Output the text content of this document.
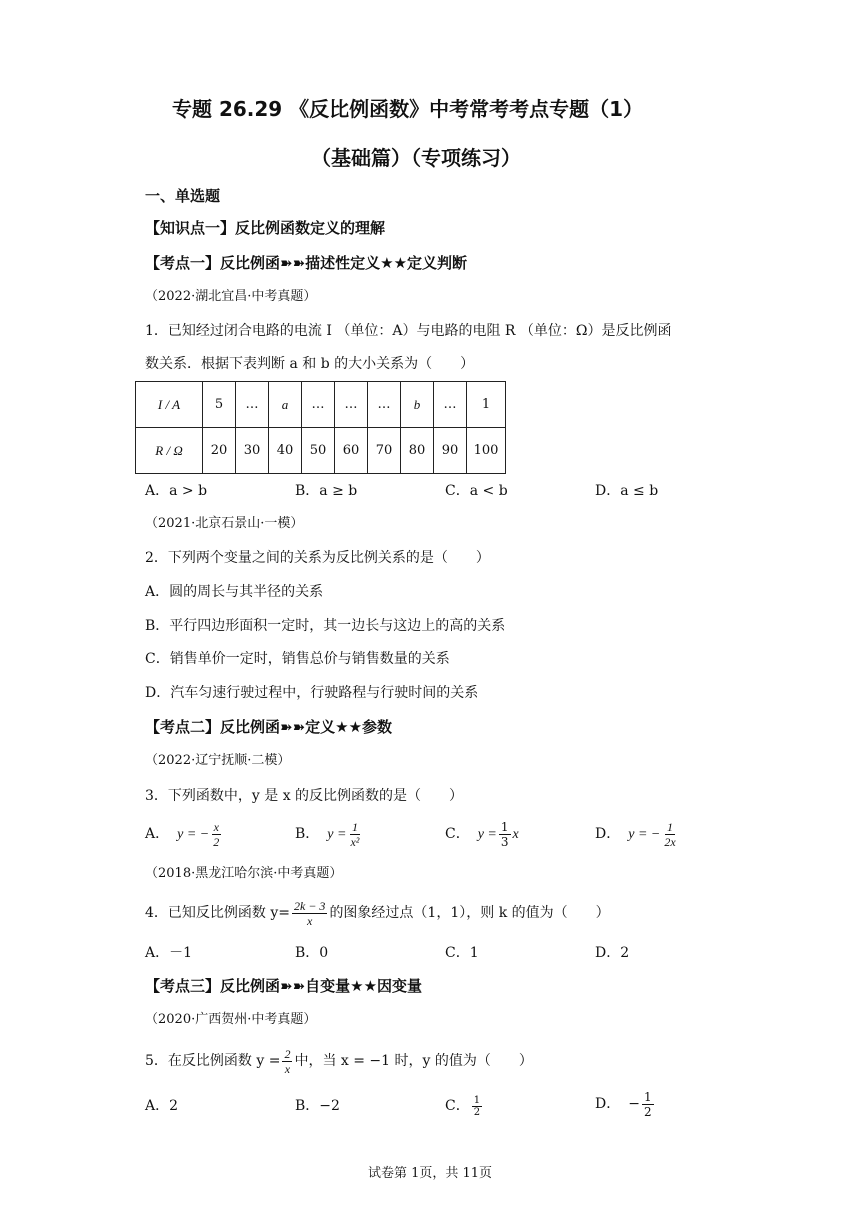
专题 26.29 《反比例函数》中考常考考点专题（1）
（基础篇）（专项练习）
一、单选题
【知识点一】反比例函数定义的理解
【考点一】反比例函➽➽描述性定义★★定义判断
（2022·湖北宜昌·中考真题）
1．已知经过闭合电路的电流 I （单位：A）与电路的电阻 R （单位：Ω）是反比例函
数关系．根据下表判断 a 和 b 的大小关系为（　　）
I / A	5	…	a	…	…	…	b	…	1
R / Ω	20	30	40	50	60	70	80	90	100
A．a > b	B．a ≥ b	C．a < b	D．a ≤ b
（2021·北京石景山·一模）
2．下列两个变量之间的关系为反比例关系的是（　　）
A．圆的周长与其半径的关系
B．平行四边形面积一定时，其一边长与这边上的高的关系
C．销售单价一定时，销售总价与销售数量的关系
D．汽车匀速行驶过程中，行驶路程与行驶时间的关系
【考点二】反比例函➽➽定义★★参数
（2022·辽宁抚顺·二模）
3．下列函数中，y 是 x 的反比例函数的是（　　）
A． y = − $\frac{x}{2}$	B． $y = \frac{1}{\text{x²}}$	C． $y = \frac{1}{3}$ x	D． y = − $\frac{1}{2x}$
（2018·黑龙江哈尔滨·中考真题）
4．已知反比例函数 $y= \frac{2k - 3}{x}$ 的图象经过点（1，1），则 k 的值为（　　）
A．－1	B．0	C．1	D．2
【考点三】反比例函➽➽自变量★★因变量
（2020·广西贺州·中考真题）
5．在反比例函数 $y = \frac{2}{x}$ 中，当 x = −1 时，y 的值为（　　）
A．2	B．−2	C． $\frac{1}{2}$	D． − $\frac{1}{2}$
试卷第 1页，共 11页
